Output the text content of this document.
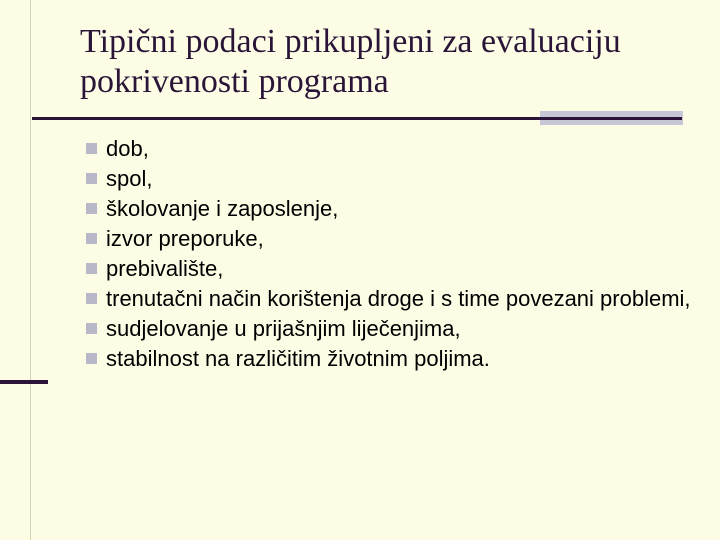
Tipični podaci prikupljeni za evaluaciju pokrivenosti programa
dob,
spol,
školovanje i zaposlenje,
izvor preporuke,
prebivalište,
trenutačni način korištenja droge i s time povezani problemi,
sudjelovanje u prijašnjim liječenjima,
stabilnost na različitim životnim poljima.
